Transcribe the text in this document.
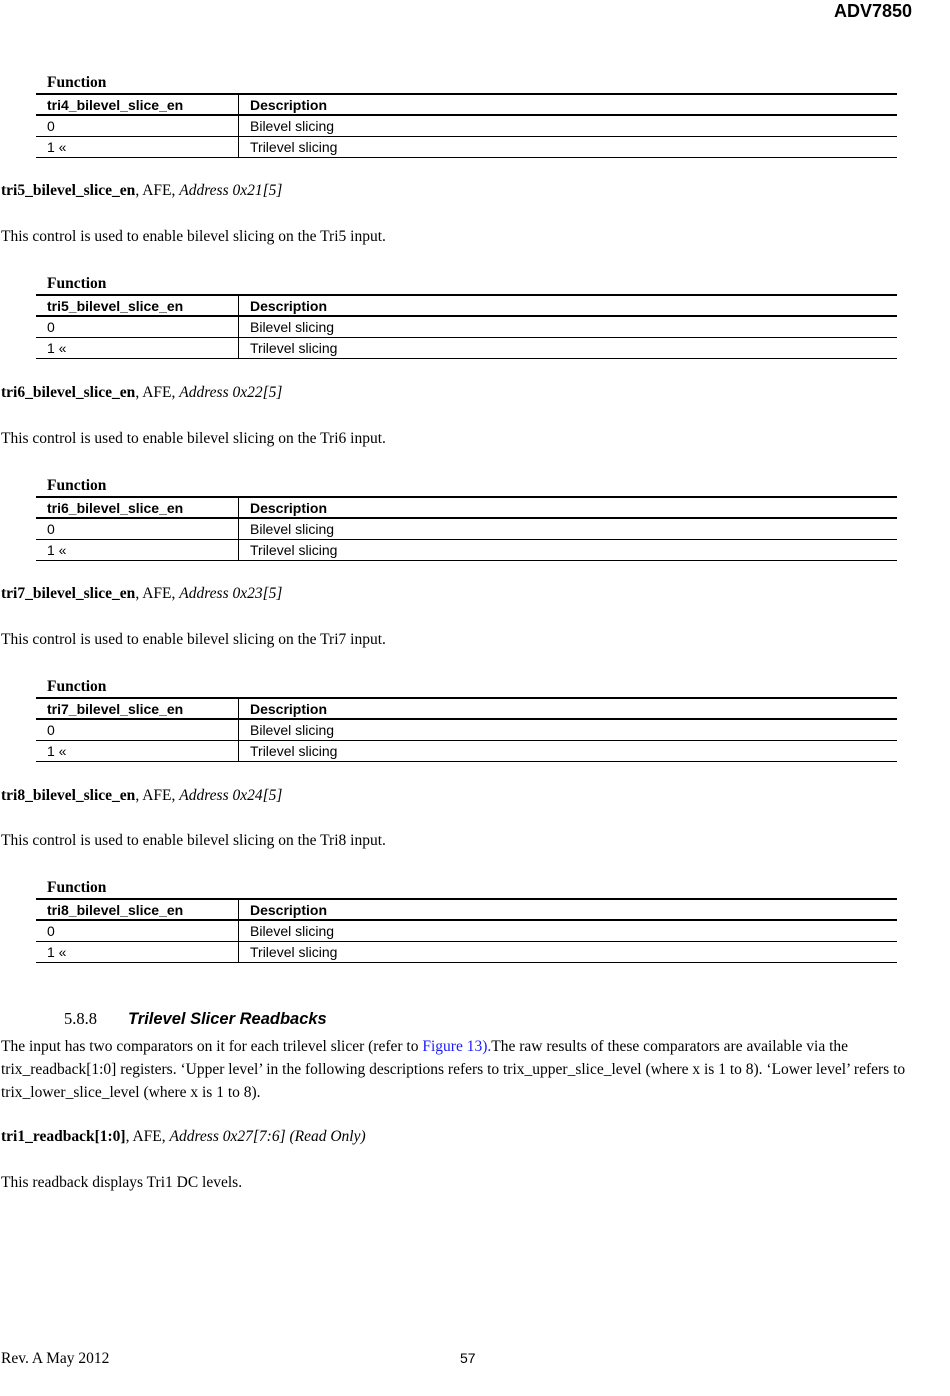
ADV7850
Function
tri4_bilevel_slice_en	Description
0	Bilevel slicing
1 «	Trilevel slicing
tri5_bilevel_slice_en, AFE, Address 0x21[5]
This control is used to enable bilevel slicing on the Tri5 input.
Function
tri5_bilevel_slice_en	Description
0	Bilevel slicing
1 «	Trilevel slicing
tri6_bilevel_slice_en, AFE, Address 0x22[5]
This control is used to enable bilevel slicing on the Tri6 input.
Function
tri6_bilevel_slice_en	Description
0	Bilevel slicing
1 «	Trilevel slicing
tri7_bilevel_slice_en, AFE, Address 0x23[5]
This control is used to enable bilevel slicing on the Tri7 input.
Function
tri7_bilevel_slice_en	Description
0	Bilevel slicing
1 «	Trilevel slicing
tri8_bilevel_slice_en, AFE, Address 0x24[5]
This control is used to enable bilevel slicing on the Tri8 input.
Function
tri8_bilevel_slice_en	Description
0	Bilevel slicing
1 «	Trilevel slicing
5.8.8 Trilevel Slicer Readbacks
The input has two comparators on it for each trilevel slicer (refer to Figure 13).The raw results of these comparators are available via the trix_readback[1:0] registers. ‘Upper level’ in the following descriptions refers to trix_upper_slice_level (where x is 1 to 8). ‘Lower level’ refers to trix_lower_slice_level (where x is 1 to 8).
tri1_readback[1:0], AFE, Address 0x27[7:6] (Read Only)
This readback displays Tri1 DC levels.
Rev. A May 2012	57
